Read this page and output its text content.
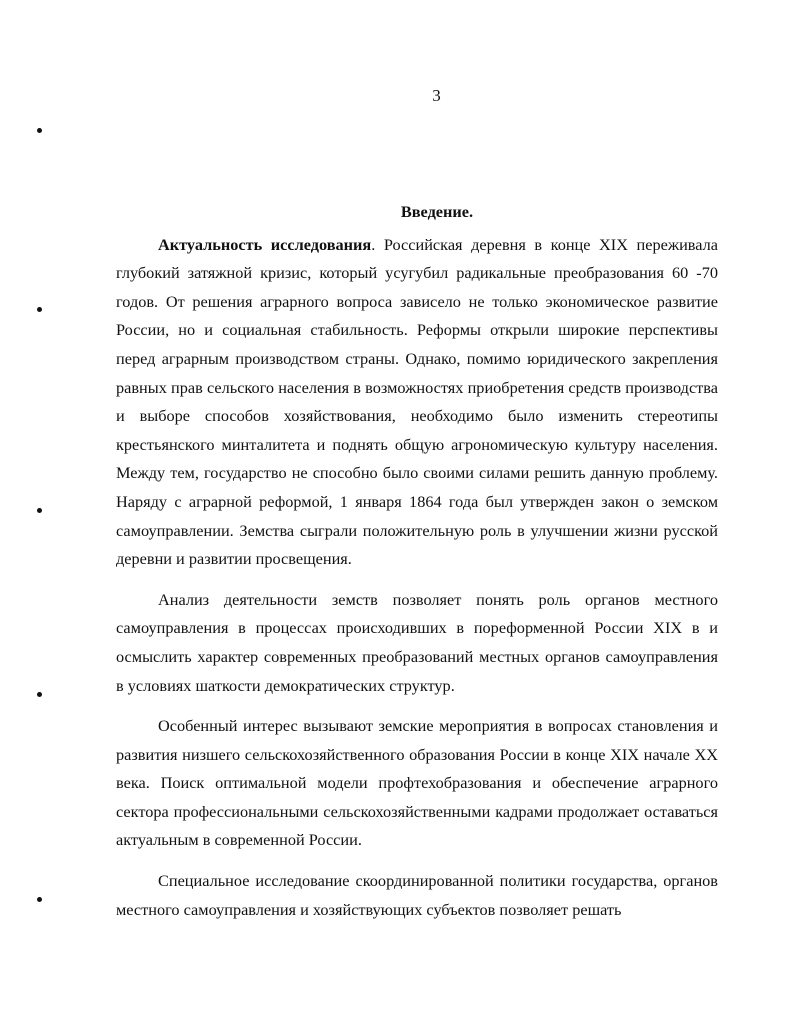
3
Введение.

Актуальность исследования. Российская деревня в конце XIX переживала глубокий затяжной кризис, который усугубил радикальные преобразования 60 -70 годов. От решения аграрного вопроса зависело не только экономическое развитие России, но и социальная стабильность. Реформы открыли широкие перспективы перед аграрным производством страны. Однако, помимо юридического закрепления равных прав сельского населения в возможностях приобретения средств производства и выборе способов хозяйствования, необходимо было изменить стереотипы крестьянского минталитета и поднять общую агрономическую культуру населения. Между тем, государство не способно было своими силами решить данную проблему. Наряду с аграрной реформой, 1 января 1864 года был утвержден закон о земском самоуправлении. Земства сыграли положительную роль в улучшении жизни русской деревни и развитии просвещения.

Анализ деятельности земств позволяет понять роль органов местного самоуправления в процессах происходивших в пореформенной России XIX в и осмыслить характер современных преобразований местных органов самоуправления в условиях шаткости демократических структур.

Особенный интерес вызывают земские мероприятия в вопросах становления и развития низшего сельскохозяйственного образования России в конце XIX начале XX века. Поиск оптимальной модели профтехобразования и обеспечение аграрного сектора профессиональными сельскохозяйственными кадрами продолжает оставаться актуальным в современной России.

Специальное исследование скоординированной политики государства, органов местного самоуправления и хозяйствующих субъектов позволяет решать
